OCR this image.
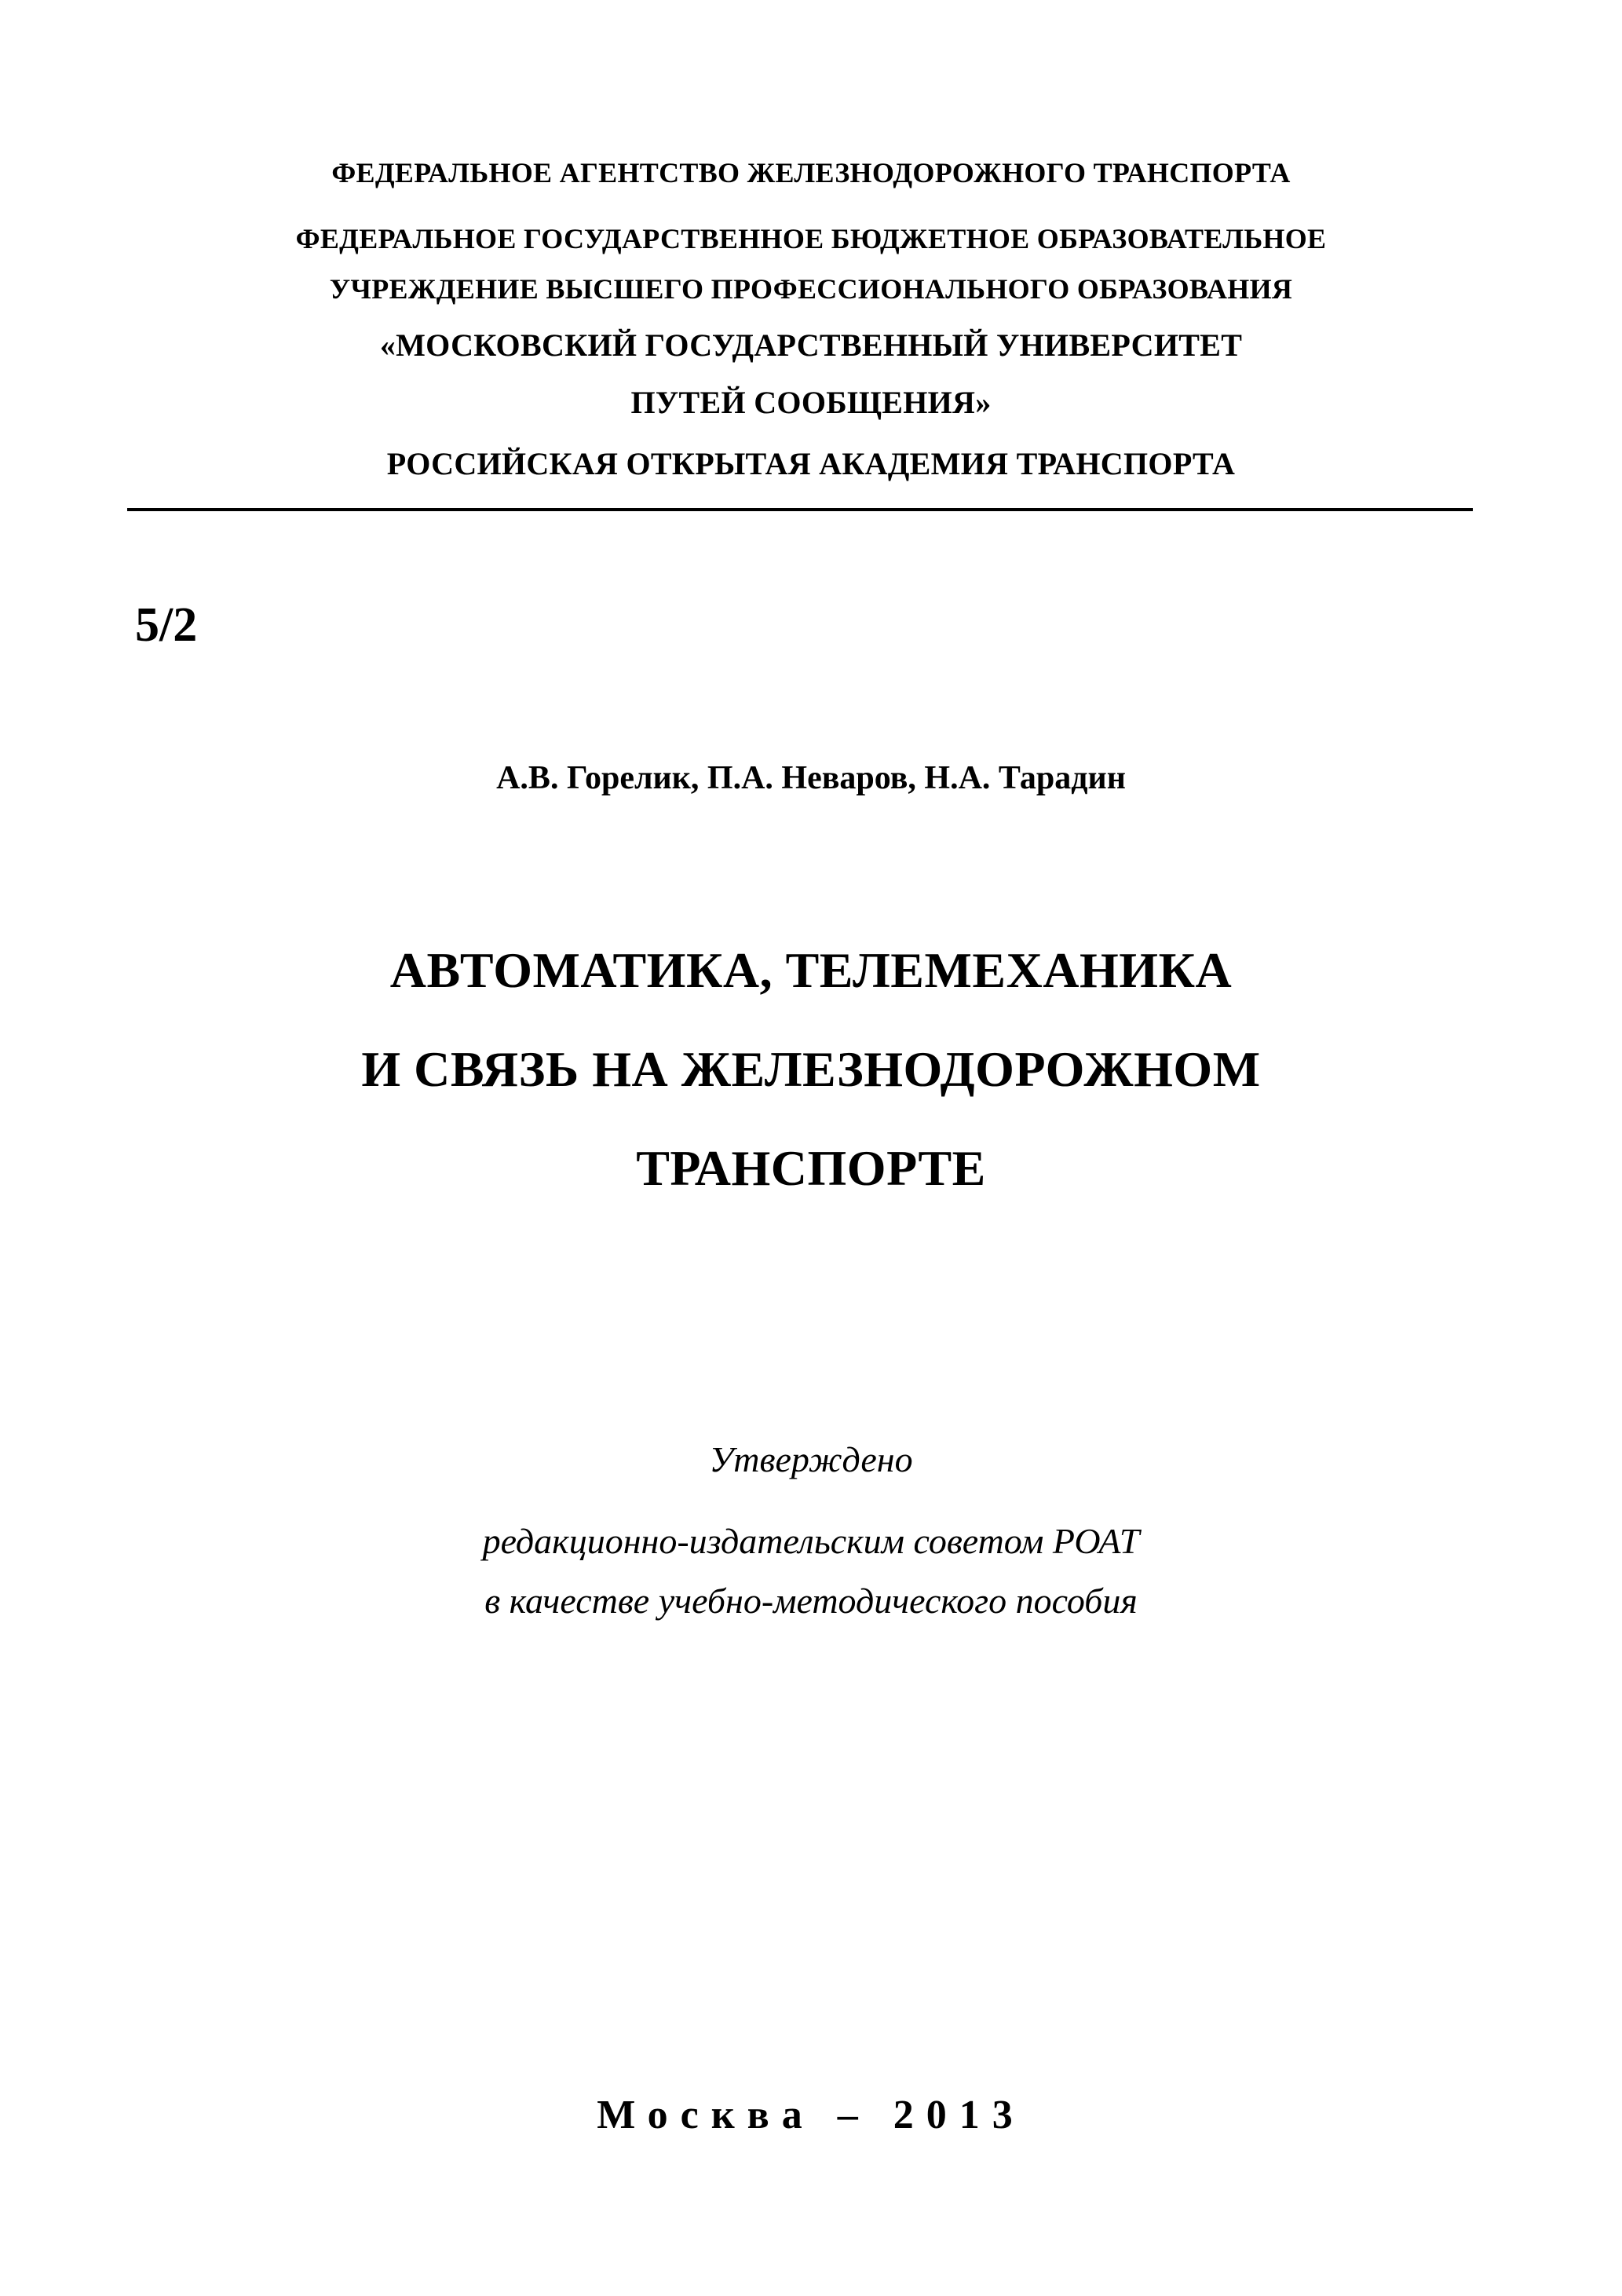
ФЕДЕРАЛЬНОЕ АГЕНТСТВО ЖЕЛЕЗНОДОРОЖНОГО ТРАНСПОРТА
ФЕДЕРАЛЬНОЕ ГОСУДАРСТВЕННОЕ БЮДЖЕТНОЕ ОБРАЗОВАТЕЛЬНОЕ
УЧРЕЖДЕНИЕ ВЫСШЕГО ПРОФЕССИОНАЛЬНОГО ОБРАЗОВАНИЯ
«МОСКОВСКИЙ ГОСУДАРСТВЕННЫЙ УНИВЕРСИТЕТ
ПУТЕЙ СООБЩЕНИЯ»
РОССИЙСКАЯ ОТКРЫТАЯ АКАДЕМИЯ ТРАНСПОРТА
5/2
А.В. Горелик, П.А. Неваров, Н.А. Тарадин
АВТОМАТИКА, ТЕЛЕМЕХАНИКА
И СВЯЗЬ НА ЖЕЛЕЗНОДОРОЖНОМ
ТРАНСПОРТЕ
Утверждено
редакционно-издательским советом РОАТ
в качестве учебно-методического пособия
Москва – 2013
